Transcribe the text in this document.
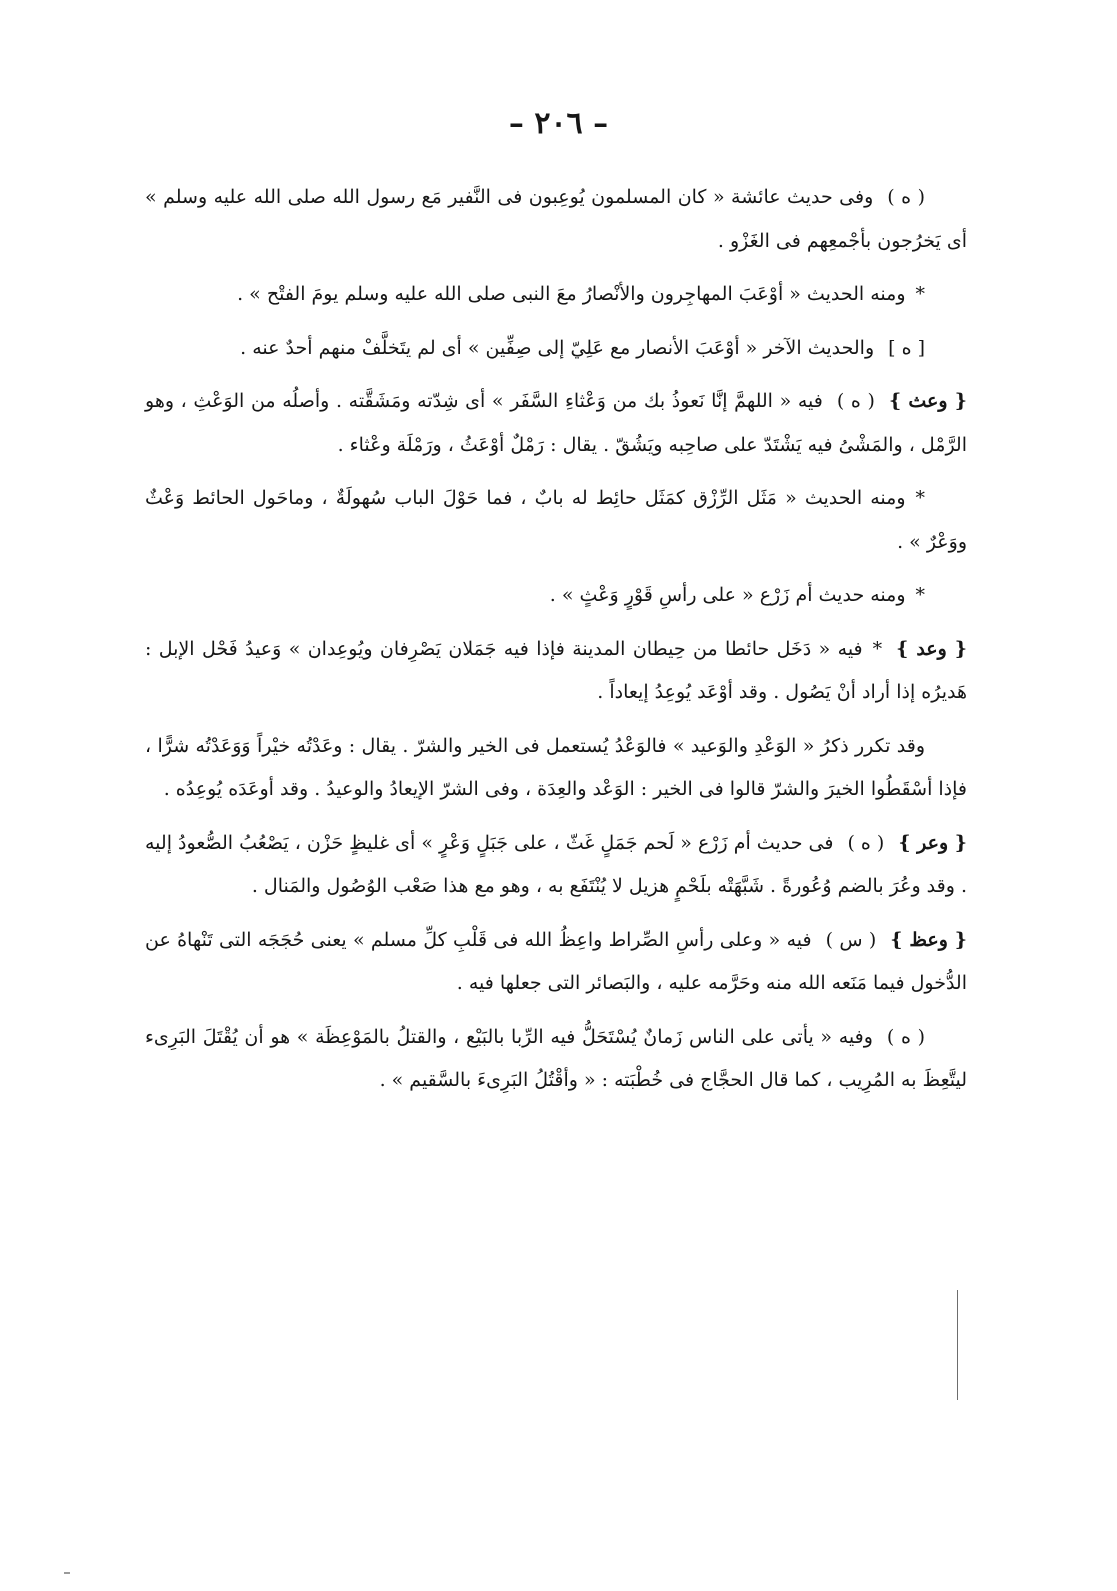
– ٢٠٦ –

( ه )وفى حديث عائشة « كان المسلمون يُوعِبون فى النَّفير مَع رسول الله صلى الله عليه وسلم » أى يَخرُجون بأجْمعِهم فى الغَزْو .

*ومنه الحديث « أوْعَبَ المهاجِرون والأنْصارُ معَ النبى صلى الله عليه وسلم يومَ الفتْح » .

[ ه ]والحديث الآخر « أوْعَبَ الأنصار مع عَلِيّ إلى صِفِّين » أى لم يتَخلَّفْ منهم أحدٌ عنه .

{ وعث }( ه )فيه « اللهمَّ إنَّا نَعوذُ بك من وَعْثاءِ السَّفَر » أى شِدّته ومَشَقَّته . وأصلُه من الوَعْثِ ، وهو الرَّمْل ، والمَشْىُ فيه يَشْتَدّ على صاحِبه ويَشُقّ . يقال : رَمْلٌ أوْعَثُ ، ورَمْلَة وعْثاء .

*ومنه الحديث « مَثَل الرِّزْق كمَثَل حائِط له بابٌ ، فما حَوْلَ الباب سُهولَةٌ ، وماحَول الحائط وَعْثٌ ووَعْرٌ » .

*ومنه حديث أم زَرْع « على رأسِ قَوْرٍ وَعْثٍ » .

{ وعد }*فيه « دَخَل حائطا من حِيطان المدينة فإذا فيه جَمَلان يَصْرِفان ويُوعِدان » وَعيدُ فَحْل الإبل : هَديرُه إذا أراد أنْ يَصُول . وقد أوْعَد يُوعِدُ إيعاداً .

وقد تكرر ذكرُ « الوَعْدِ والوَعيد » فالوَعْدُ يُستعمل فى الخير والشرّ . يقال : وعَدْتُه خيْراً وَوَعَدْتُه شرًّا ، فإذا أسْقَطُوا الخيرَ والشرّ قالوا فى الخير : الوَعْد والعِدَة ، وفى الشرّ الإيعادُ والوعيدُ . وقد أوعَدَه يُوعِدُه .

{ وعر }( ه )فى حديث أم زَرْع « لَحم جَمَلٍ غَثّ ، على جَبَلٍ وَعْرٍ » أى غليظٍ حَزْن ، يَصْعُبُ الصُّعودُ إليه . وقد وعُرَ بالضم وُعُورةً . شَبَّهَتْه بلَحْمٍ هزيل لا يُنْتَفَع به ، وهو مع هذا صَعْب الوُصُول والمَنال .

{ وعظ }( س )فيه « وعلى رأسِ الصِّراط واعِظُ الله فى قَلْبِ كلِّ مسلم » يعنى حُجَجَه التى تَنْهاهُ عن الدُّخول فيما مَنَعه الله منه وحَرَّمه عليه ، والبَصائر التى جعلها فيه .

( ه )وفيه « يأتى على الناس زَمانٌ يُسْتَحَلُّ فيه الرِّبا بالبَيْع ، والقتلُ بالمَوْعِظَة » هو أن يُقْتَلَ البَرِىء ليتَّعِظَ به المُرِيب ، كما قال الحجَّاج فى خُطْبَته : « وأقْتُلُ البَرِىءَ بالسَّقيم » .
